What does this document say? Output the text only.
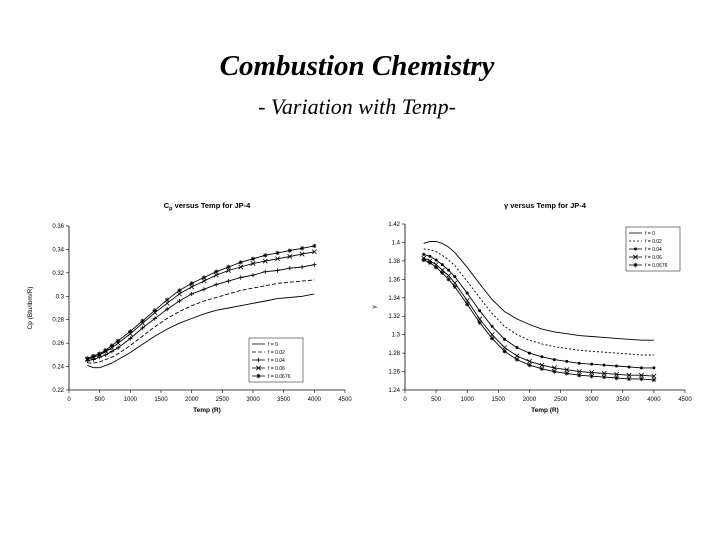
Combustion Chemistry
- Variation with Temp-
$C_p$ versus Temp for JP-4
0	500	1000	1500	2000	2500	3000	3500	4000	4500
0.22
0.24
0.26
0.28
0.3
0.32
0.34
0.36
Temp (R)
Cp (Btu/lbm/R)
f = 0
f = 0.02
f = 0.04
f = 0.06
f = 0.0676
γ versus Temp for JP-4
0	500	1000	1500	2000	2500	3000	3500	4000	4500
1.24
1.26
1.28
1.3
1.32
1.34
1.36
1.38
1.4
1.42
Temp (R)
γ
f = 0
f = 0.02
f = 0.04
f = 0.06
f = 0.0676
